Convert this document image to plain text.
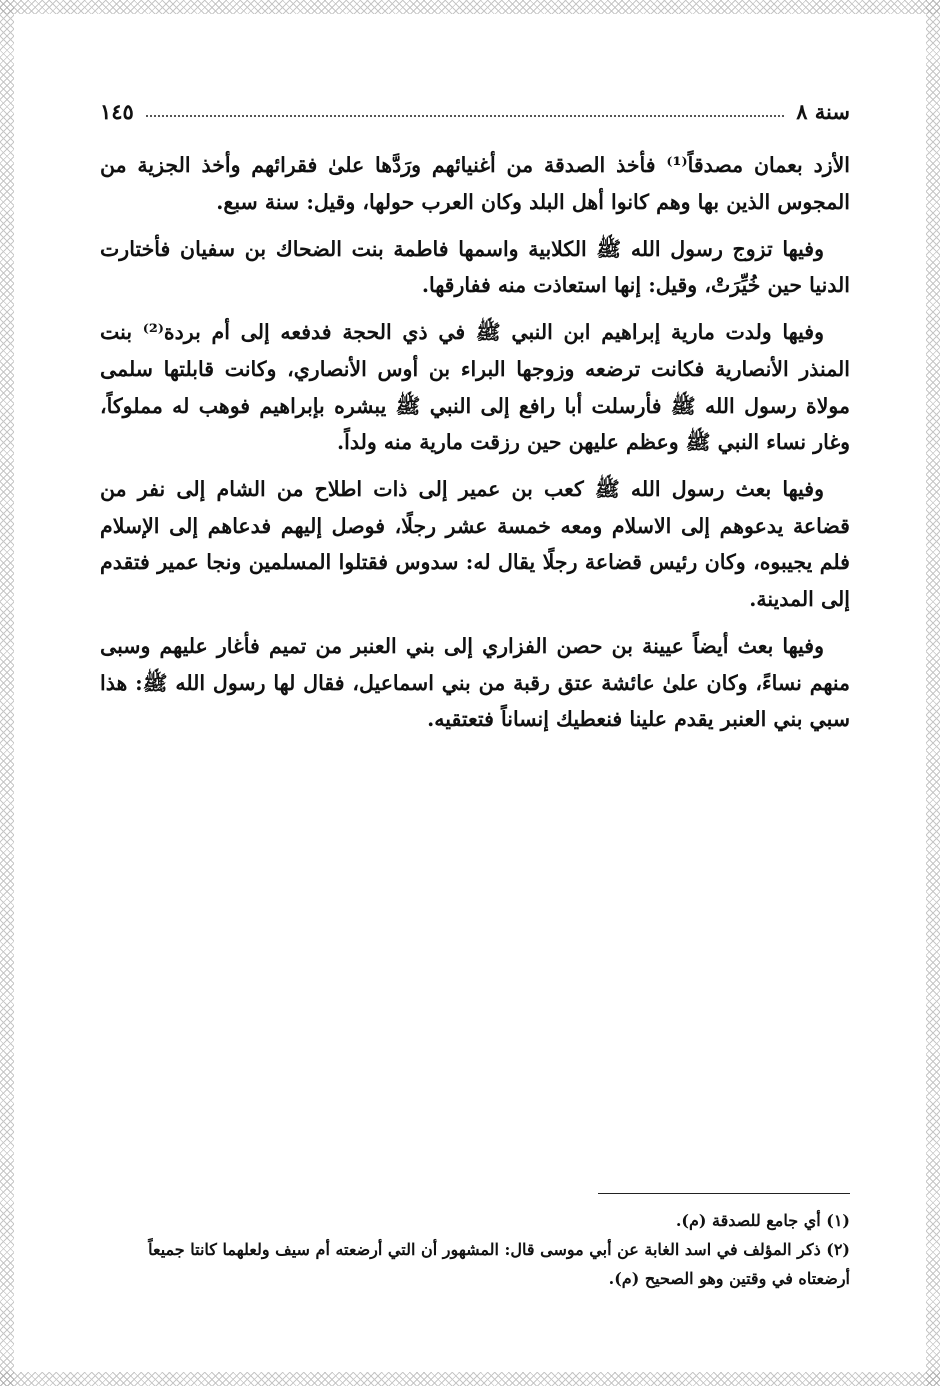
سنة ٨
١٤٥

الأزد بعمان مصدقاً⁽¹⁾ فأخذ الصدقة من أغنيائهم ورَدَّها علىٰ فقرائهم وأخذ الجزية من المجوس الذين بها وهم كانوا أهل البلد وكان العرب حولها، وقيل: سنة سبع.

وفيها تزوج رسول الله ﷺ الكلابية واسمها فاطمة بنت الضحاك بن سفيان فأختارت الدنيا حين خُيِّرَتْ، وقيل: إنها استعاذت منه ففارقها.

وفيها ولدت مارية إبراهيم ابن النبي ﷺ في ذي الحجة فدفعه إلى أم بردة⁽²⁾ بنت المنذر الأنصارية فكانت ترضعه وزوجها البراء بن أوس الأنصاري، وكانت قابلتها سلمى مولاة رسول الله ﷺ فأرسلت أبا رافع إلى النبي ﷺ يبشره بإبراهيم فوهب له مملوكاً، وغار نساء النبي ﷺ وعظم عليهن حين رزقت مارية منه ولداً.

وفيها بعث رسول الله ﷺ كعب بن عمير إلى ذات اطلاح من الشام إلى نفر من قضاعة يدعوهم إلى الاسلام ومعه خمسة عشر رجلًا، فوصل إليهم فدعاهم إلى الإسلام فلم يجيبوه، وكان رئيس قضاعة رجلًا يقال له: سدوس فقتلوا المسلمين ونجا عمير فتقدم إلى المدينة.

وفيها بعث أيضاً عيينة بن حصن الفزاري إلى بني العنبر من تميم فأغار عليهم وسبى منهم نساءً، وكان علىٰ عائشة عتق رقبة من بني اسماعيل، فقال لها رسول الله ﷺ: هذا سبي بني العنبر يقدم علينا فنعطيك إنساناً فتعتقيه.

(١) أي جامع للصدقة (م).

(٢) ذكر المؤلف في اسد الغابة عن أبي موسى قال: المشهور أن التي أرضعته أم سيف ولعلهما كانتا جميعاً

أرضعتاه في وقتين وهو الصحيح (م).
